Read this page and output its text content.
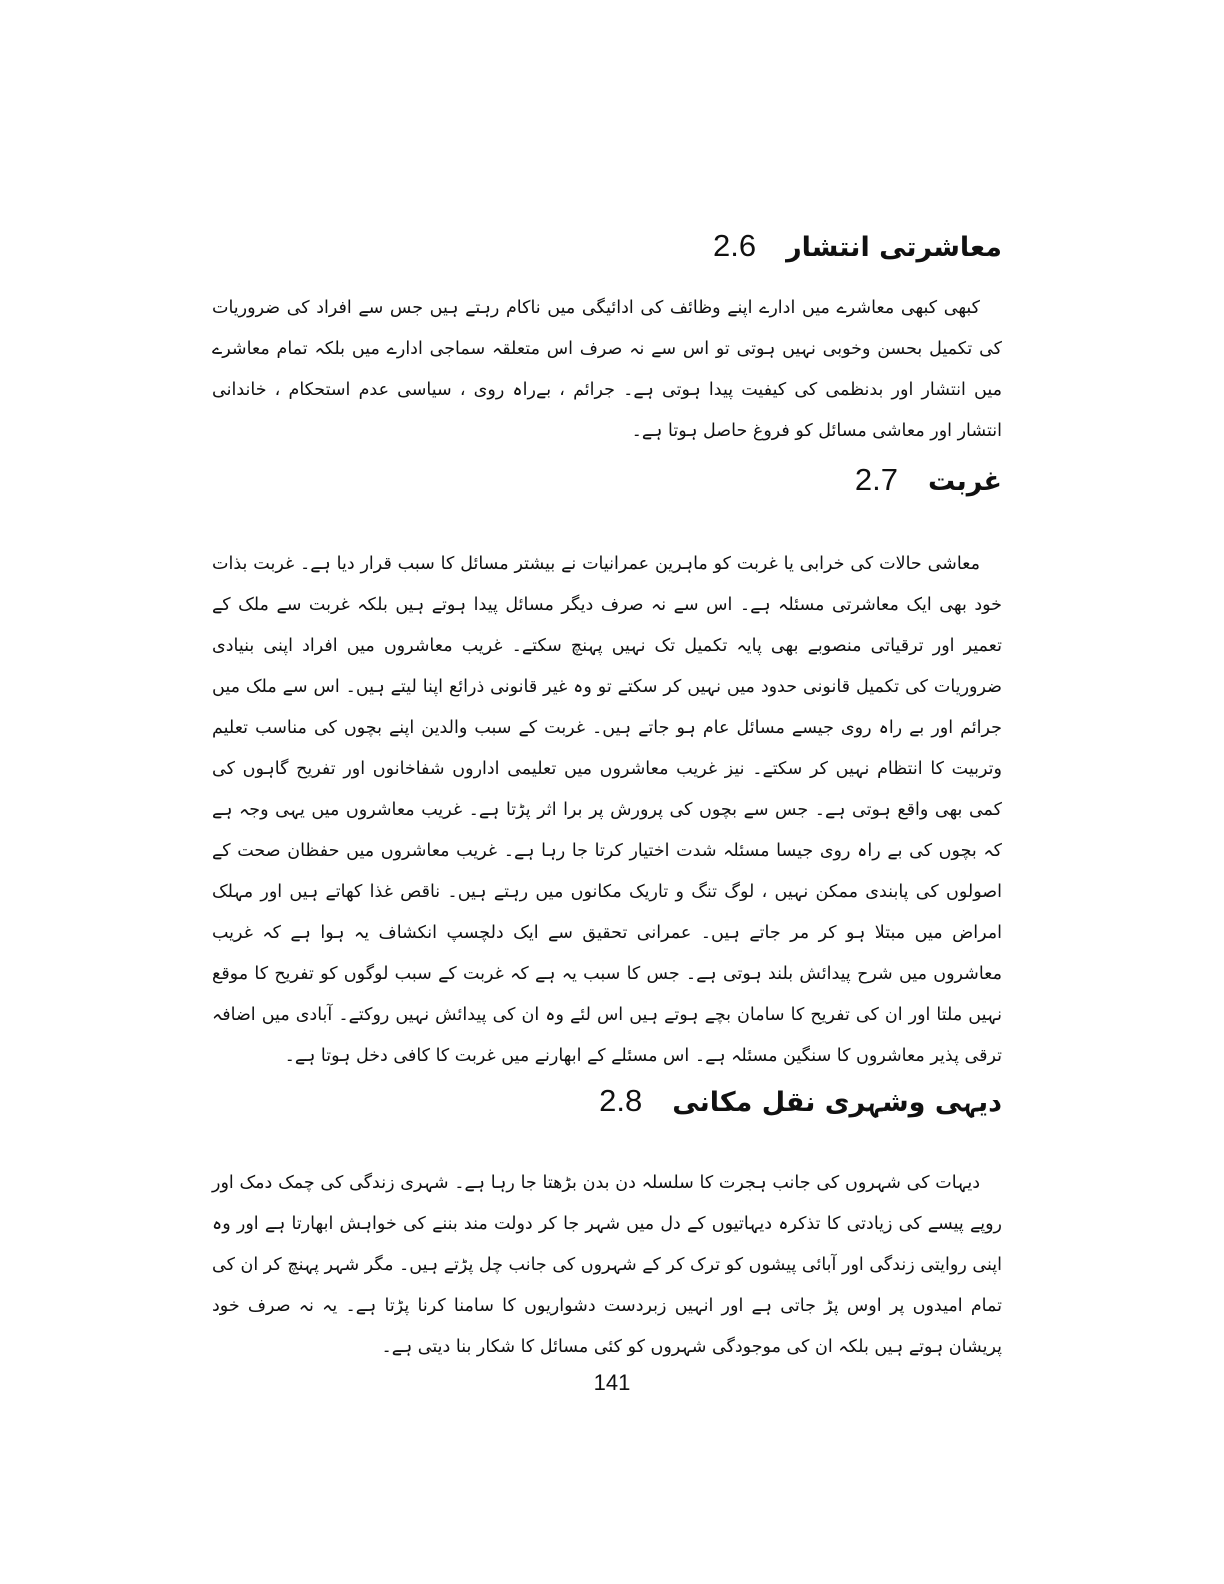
معاشرتی انتشار
2.6

کبھی کبھی معاشرے میں ادارے اپنے وظائف کی ادائیگی میں ناکام رہتے ہیں جس سے افراد کی ضروریات کی تکمیل بحسن وخوبی نہیں ہوتی تو اس سے نہ صرف اس متعلقہ سماجی ادارے میں بلکہ تمام معاشرے میں انتشار اور بدنظمی کی کیفیت پیدا ہوتی ہے۔ جرائم ، بےراہ روی ، سیاسی عدم استحکام ، خاندانی انتشار اور معاشی مسائل کو فروغ حاصل ہوتا ہے۔

غربت
2.7

معاشی حالات کی خرابی یا غربت کو ماہرین عمرانیات نے بیشتر مسائل کا سبب قرار دیا ہے۔ غربت بذات خود بھی ایک معاشرتی مسئلہ ہے۔ اس سے نہ صرف دیگر مسائل پیدا ہوتے ہیں بلکہ غربت سے ملک کے تعمیر اور ترقیاتی منصوبے بھی پایہ تکمیل تک نہیں پہنچ سکتے۔ غریب معاشروں میں افراد اپنی بنیادی ضروریات کی تکمیل قانونی حدود میں نہیں کر سکتے تو وہ غیر قانونی ذرائع اپنا لیتے ہیں۔ اس سے ملک میں جرائم اور بے راہ روی جیسے مسائل عام ہو جاتے ہیں۔ غربت کے سبب والدین اپنے بچوں کی مناسب تعلیم وتربیت کا انتظام نہیں کر سکتے۔ نیز غریب معاشروں میں تعلیمی اداروں شفاخانوں اور تفریح گاہوں کی کمی بھی واقع ہوتی ہے۔ جس سے بچوں کی پرورش پر برا اثر پڑتا ہے۔ غریب معاشروں میں یہی وجہ ہے کہ بچوں کی بے راہ روی جیسا مسئلہ شدت اختیار کرتا جا رہا ہے۔ غریب معاشروں میں حفظان صحت کے اصولوں کی پابندی ممکن نہیں ، لوگ تنگ و تاریک مکانوں میں رہتے ہیں۔ ناقص غذا کھاتے ہیں اور مہلک امراض میں مبتلا ہو کر مر جاتے ہیں۔ عمرانی تحقیق سے ایک دلچسپ انکشاف یہ ہوا ہے کہ غریب معاشروں میں شرح پیدائش بلند ہوتی ہے۔ جس کا سبب یہ ہے کہ غربت کے سبب لوگوں کو تفریح کا موقع نہیں ملتا اور ان کی تفریح کا سامان بچے ہوتے ہیں اس لئے وہ ان کی پیدائش نہیں روکتے۔ آبادی میں اضافہ ترقی پذیر معاشروں کا سنگین مسئلہ ہے۔ اس مسئلے کے ابھارنے میں غربت کا کافی دخل ہوتا ہے۔

دیہی وشہری نقل مکانی
2.8

دیہات کی شہروں کی جانب ہجرت کا سلسلہ دن بدن بڑھتا جا رہا ہے۔ شہری زندگی کی چمک دمک اور روپے پیسے کی زیادتی کا تذکرہ دیہاتیوں کے دل میں شہر جا کر دولت مند بننے کی خواہش ابھارتا ہے اور وہ اپنی روایتی زندگی اور آبائی پیشوں کو ترک کر کے شہروں کی جانب چل پڑتے ہیں۔ مگر شہر پہنچ کر ان کی تمام امیدوں پر اوس پڑ جاتی ہے اور انہیں زبردست دشواریوں کا سامنا کرنا پڑتا ہے۔ یہ نہ صرف خود پریشان ہوتے ہیں بلکہ ان کی موجودگی شہروں کو کئی مسائل کا شکار بنا دیتی ہے۔

141
